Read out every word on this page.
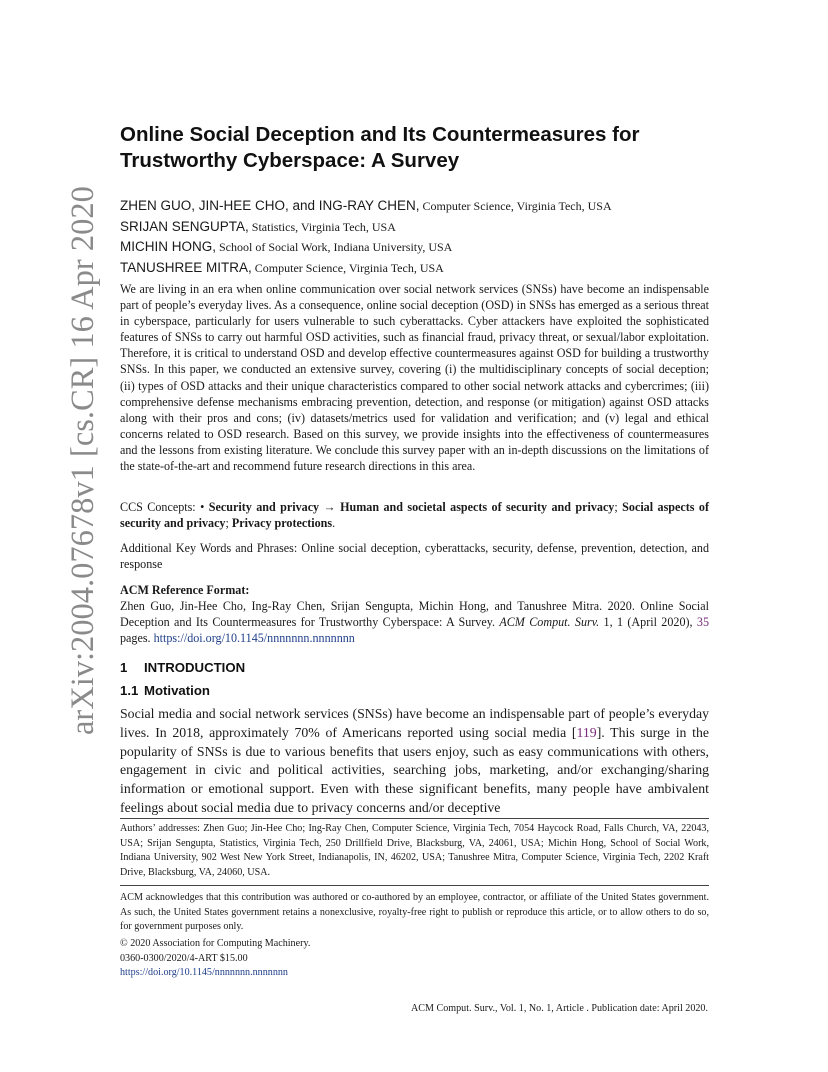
arXiv:2004.07678v1 [cs.CR] 16 Apr 2020
Online Social Deception and Its Countermeasures for
Trustworthy Cyberspace: A Survey
ZHEN GUO, JIN-HEE CHO, and ING-RAY CHEN, Computer Science, Virginia Tech, USA
SRIJAN SENGUPTA, Statistics, Virginia Tech, USA
MICHIN HONG, School of Social Work, Indiana University, USA
TANUSHREE MITRA, Computer Science, Virginia Tech, USA

We are living in an era when online communication over social network services (SNSs) have become an indispensable part of people’s everyday lives. As a consequence, online social deception (OSD) in SNSs has emerged as a serious threat in cyberspace, particularly for users vulnerable to such cyberattacks. Cyber attackers have exploited the sophisticated features of SNSs to carry out harmful OSD activities, such as financial fraud, privacy threat, or sexual/labor exploitation. Therefore, it is critical to understand OSD and develop effective countermeasures against OSD for building a trustworthy SNSs. In this paper, we conducted an extensive survey, covering (i) the multidisciplinary concepts of social deception; (ii) types of OSD attacks and their unique characteristics compared to other social network attacks and cybercrimes; (iii) comprehensive defense mechanisms embracing prevention, detection, and response (or mitigation) against OSD attacks along with their pros and cons; (iv) datasets/metrics used for validation and verification; and (v) legal and ethical concerns related to OSD research. Based on this survey, we provide insights into the effectiveness of countermeasures and the lessons from existing literature. We conclude this survey paper with an in-depth discussions on the limitations of the state-of-the-art and recommend future research directions in this area.

CCS Concepts: • Security and privacy → Human and societal aspects of security and privacy; Social aspects of security and privacy; Privacy protections.

Additional Key Words and Phrases: Online social deception, cyberattacks, security, defense, prevention, detection, and response

ACM Reference Format:

Zhen Guo, Jin-Hee Cho, Ing-Ray Chen, Srijan Sengupta, Michin Hong, and Tanushree Mitra. 2020. Online Social Deception and Its Countermeasures for Trustworthy Cyberspace: A Survey. ACM Comput. Surv. 1, 1 (April 2020), 35 pages. https://doi.org/10.1145/nnnnnnn.nnnnnnn

1 INTRODUCTION
1.1 Motivation

Social media and social network services (SNSs) have become an indispensable part of people’s everyday lives. In 2018, approximately 70% of Americans reported using social media [119]. This surge in the popularity of SNSs is due to various benefits that users enjoy, such as easy communications with others, engagement in civic and political activities, searching jobs, marketing, and/or exchanging/sharing information or emotional support. Even with these significant benefits, many people have ambivalent feelings about social media due to privacy concerns and/or deceptive

Authors’ addresses: Zhen Guo; Jin-Hee Cho; Ing-Ray Chen, Computer Science, Virginia Tech, 7054 Haycock Road, Falls Church, VA, 22043, USA; Srijan Sengupta, Statistics, Virginia Tech, 250 Drillfield Drive, Blacksburg, VA, 24061, USA; Michin Hong, School of Social Work, Indiana University, 902 West New York Street, Indianapolis, IN, 46202, USA; Tanushree Mitra, Computer Science, Virginia Tech, 2202 Kraft Drive, Blacksburg, VA, 24060, USA.

ACM acknowledges that this contribution was authored or co-authored by an employee, contractor, or affiliate of the United States government. As such, the United States government retains a nonexclusive, royalty-free right to publish or reproduce this article, or to allow others to do so, for government purposes only.

© 2020 Association for Computing Machinery.
0360-0300/2020/4-ART $15.00
https://doi.org/10.1145/nnnnnnn.nnnnnnn
ACM Comput. Surv., Vol. 1, No. 1, Article . Publication date: April 2020.
